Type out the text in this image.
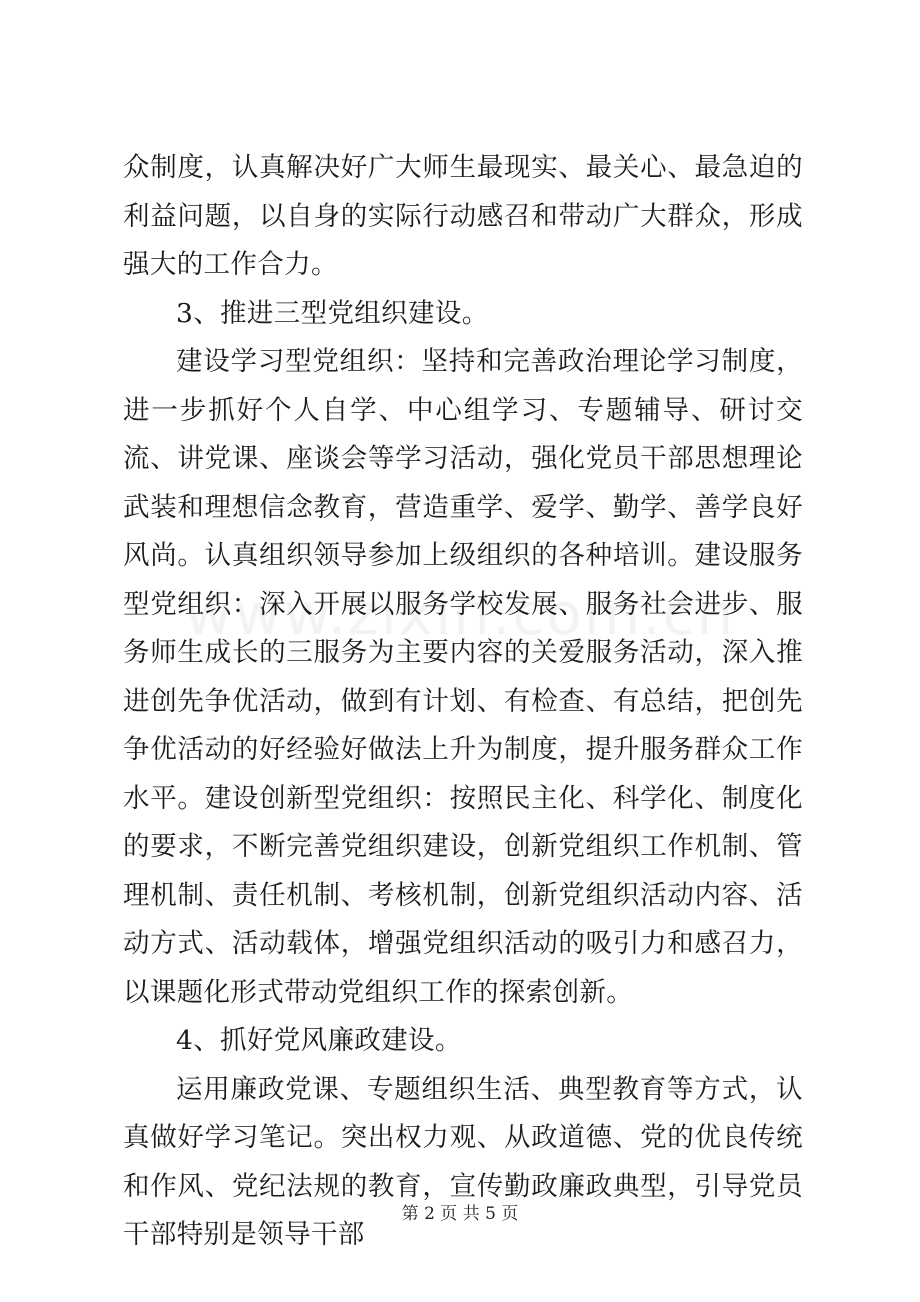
众制度，认真解决好广大师生最现实、最关心、最急迫的利益问题，以自身的实际行动感召和带动广大群众，形成强大的工作合力。

3、推进三型党组织建设。

建设学习型党组织：坚持和完善政治理论学习制度，进一步抓好个人自学、中心组学习、专题辅导、研讨交流、讲党课、座谈会等学习活动，强化党员干部思想理论武装和理想信念教育，营造重学、爱学、勤学、善学良好风尚。认真组织领导参加上级组织的各种培训。建设服务型党组织：深入开展以服务学校发展、服务社会进步、服务师生成长的三服务为主要内容的关爱服务活动，深入推进创先争优活动，做到有计划、有检查、有总结，把创先争优活动的好经验好做法上升为制度，提升服务群众工作水平。建设创新型党组织：按照民主化、科学化、制度化的要求，不断完善党组织建设，创新党组织工作机制、管理机制、责任机制、考核机制，创新党组织活动内容、活动方式、活动载体，增强党组织活动的吸引力和感召力，以课题化形式带动党组织工作的探索创新。

4、抓好党风廉政建设。

运用廉政党课、专题组织生活、典型教育等方式，认真做好学习笔记。突出权力观、从政道德、党的优良传统和作风、党纪法规的教育，宣传勤政廉政典型，引导党员干部特别是领导干部

第 2 页 共 5 页
